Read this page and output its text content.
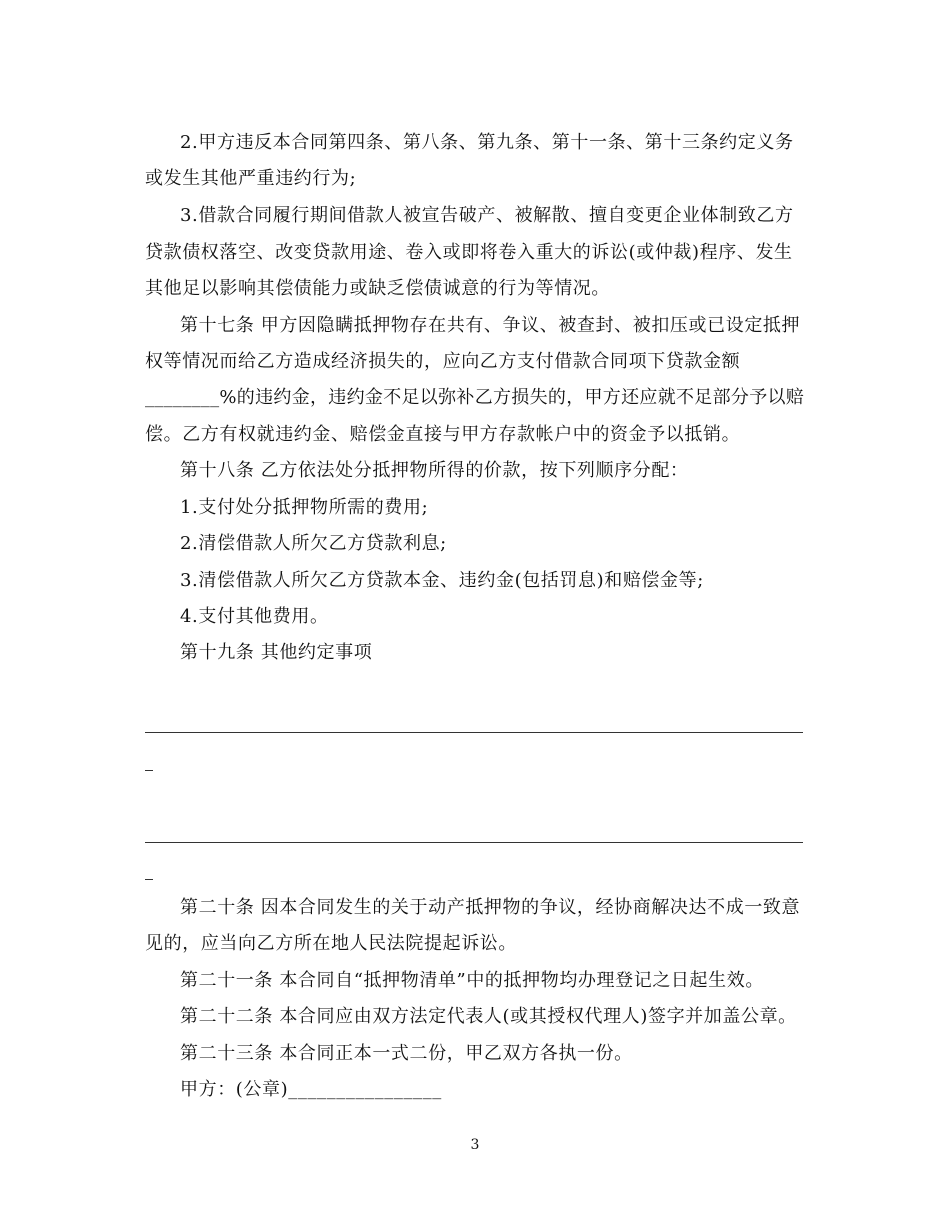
2.甲方违反本合同第四条、第八条、第九条、第十一条、第十三条约定义务
或发生其他严重违约行为;
3.借款合同履行期间借款人被宣告破产、被解散、擅自变更企业体制致乙方
贷款债权落空、改变贷款用途、卷入或即将卷入重大的诉讼(或仲裁)程序、发生
其他足以影响其偿债能力或缺乏偿债诚意的行为等情况。
第十七条 甲方因隐瞒抵押物存在共有、争议、被查封、被扣压或已设定抵押
权等情况而给乙方造成经济损失的，应向乙方支付借款合同项下贷款金额
________%的违约金，违约金不足以弥补乙方损失的，甲方还应就不足部分予以赔
偿。乙方有权就违约金、赔偿金直接与甲方存款帐户中的资金予以抵销。
第十八条 乙方依法处分抵押物所得的价款，按下列顺序分配：
1.支付处分抵押物所需的费用;
2.清偿借款人所欠乙方贷款利息;
3.清偿借款人所欠乙方贷款本金、违约金(包括罚息)和赔偿金等;
4.支付其他费用。
第十九条 其他约定事项
第二十条 因本合同发生的关于动产抵押物的争议，经协商解决达不成一致意
见的，应当向乙方所在地人民法院提起诉讼。
第二十一条 本合同自“抵押物清单”中的抵押物均办理登记之日起生效。
第二十二条 本合同应由双方法定代表人(或其授权代理人)签字并加盖公章。
第二十三条 本合同正本一式二份，甲乙双方各执一份。
甲方：(公章)________________
3
